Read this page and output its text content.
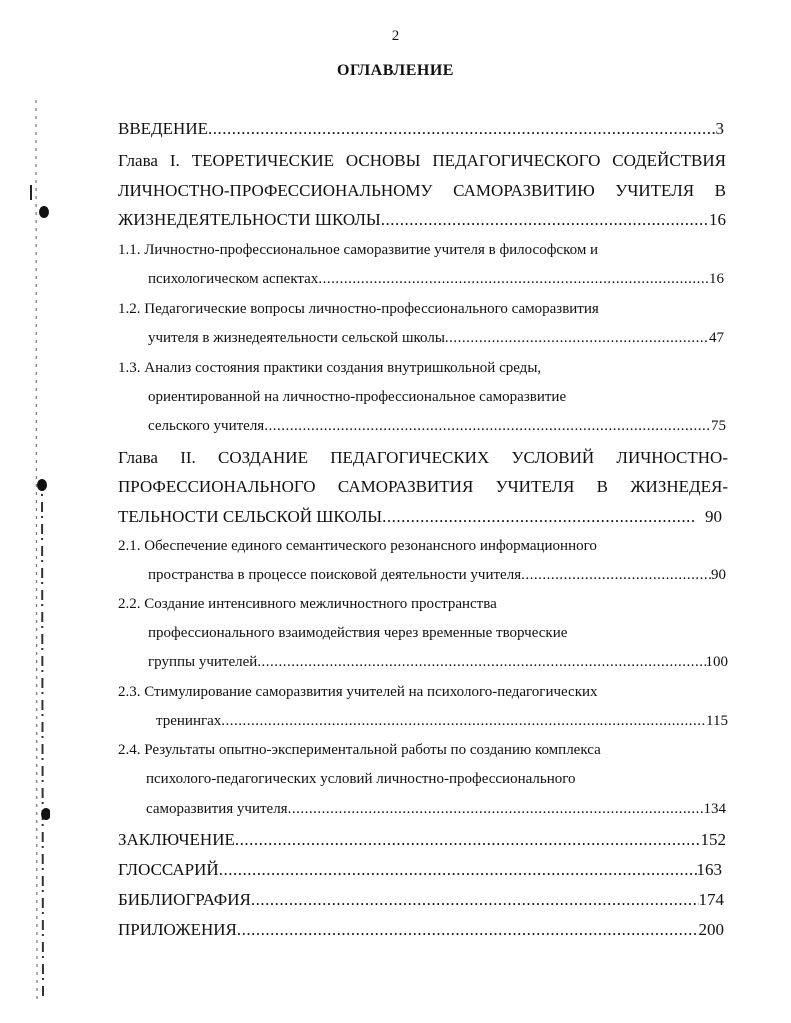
2
ОГЛАВЛЕНИЕ
ВВЕДЕНИЕ .....	3
Глава I. ТЕОРЕТИЧЕСКИЕ ОСНОВЫ ПЕДАГОГИЧЕСКОГО СОДЕЙСТВИЯ
ЛИЧНОСТНО-ПРОФЕССИОНАЛЬНОМУ САМОРАЗВИТИЮ УЧИТЕЛЯ В
ЖИЗНЕДЕЯТЕЛЬНОСТИ ШКОЛЫ .....	16
1.1. Личностно-профессиональное саморазвитие учителя в философском и
психологическом аспектах .....	16
1.2. Педагогические вопросы личностно-профессионального саморазвития
учителя в жизнедеятельности сельской школы .....	47
1.3. Анализ состояния практики создания внутришкольной среды,
ориентированной на личностно-профессиональное саморазвитие
сельского учителя .....	75
Глава II. СОЗДАНИЕ ПЕДАГОГИЧЕСКИХ УСЛОВИЙ ЛИЧНОСТНО-
ПРОФЕССИОНАЛЬНОГО САМОРАЗВИТИЯ УЧИТЕЛЯ В ЖИЗНЕДЕЯ-
ТЕЛЬНОСТИ СЕЛЬСКОЙ ШКОЛЫ .....	90
2.1. Обеспечение единого семантического резонансного информационного
пространства в процессе поисковой деятельности учителя .....	90
2.2. Создание интенсивного межличностного пространства
профессионального взаимодействия через временные творческие
группы учителей .....	100
2.3. Стимулирование саморазвития учителей на психолого-педагогических
тренингах .....	115
2.4. Результаты опытно-экспериментальной работы по созданию комплекса
психолого-педагогических условий личностно-профессионального
саморазвития учителя .....	134
ЗАКЛЮЧЕНИЕ .....	152
ГЛОССАРИЙ .....	163
БИБЛИОГРАФИЯ .....	174
ПРИЛОЖЕНИЯ .....	200
